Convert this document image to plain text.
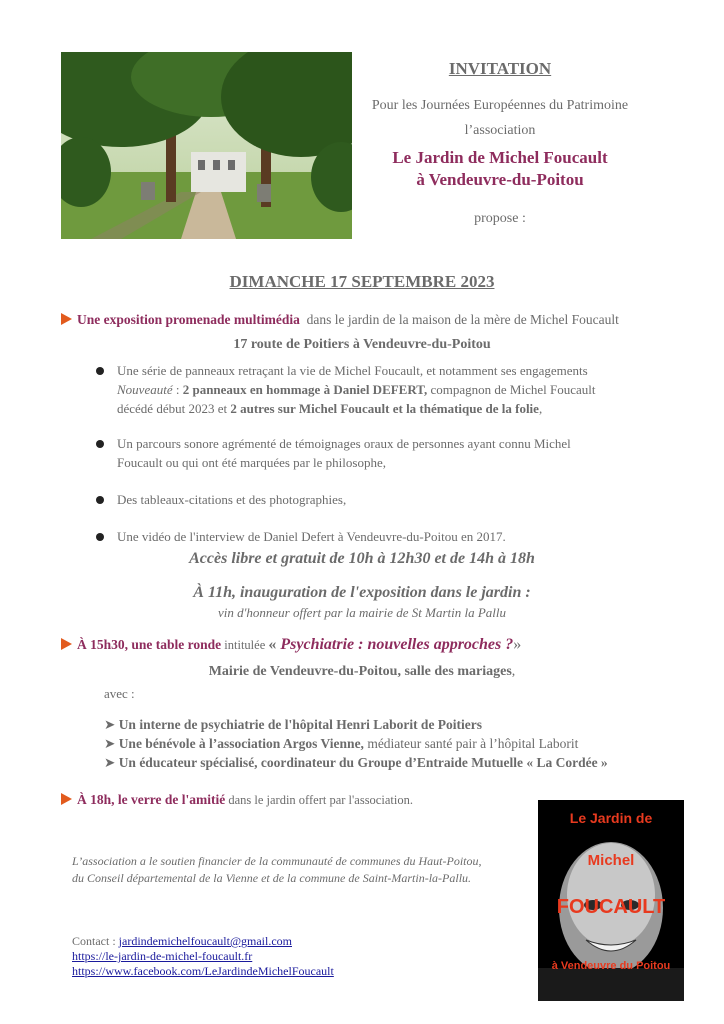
INVITATION
Pour les Journées Européennes du Patrimoine
l’association
Le Jardin de Michel Foucault
à Vendeuvre-du-Poitou
propose :
DIMANCHE 17 SEPTEMBRE 2023
Une exposition promenade multimédia dans le jardin de la maison de la mère de Michel Foucault
17 route de Poitiers à Vendeuvre-du-Poitou
Une série de panneaux retraçant la vie de Michel Foucault, et notamment ses engagements
Nouveauté : 2 panneaux en hommage à Daniel DEFERT, compagnon de Michel Foucault
décédé début 2023 et 2 autres sur Michel Foucault et la thématique de la folie,
Un parcours sonore agrémenté de témoignages oraux de personnes ayant connu Michel
Foucault ou qui ont été marquées par le philosophe,
Des tableaux-citations et des photographies,
Une vidéo de l'interview de Daniel Defert à Vendeuvre-du-Poitou en 2017.
Accès libre et gratuit de 10h à 12h30 et de 14h à 18h
À 11h, inauguration de l'exposition dans le jardin :
vin d'honneur offert par la mairie de St Martin la Pallu
À 15h30, une table ronde intitulée « Psychiatrie : nouvelles approches ?»
Mairie de Vendeuvre-du-Poitou, salle des mariages,
avec :
➤ Un interne de psychiatrie de l'hôpital Henri Laborit de Poitiers
➤ Une bénévole à l’association Argos Vienne, médiateur santé pair à l’hôpital Laborit
➤ Un éducateur spécialisé, coordinateur du Groupe d’Entraide Mutuelle « La Cordée »
À 18h, le verre de l'amitié dans le jardin offert par l'association.
L’association a le soutien financier de la communauté de communes du Haut-Poitou,
du Conseil départemental de la Vienne et de la commune de Saint-Martin-la-Pallu.
Contact : jardindemichelfoucault@gmail.com
https://le-jardin-de-michel-foucault.fr
https://www.facebook.com/LeJardindeMichelFoucault
Le Jardin de
Michel
FOUCAULT
à Vendeuvre du Poitou
